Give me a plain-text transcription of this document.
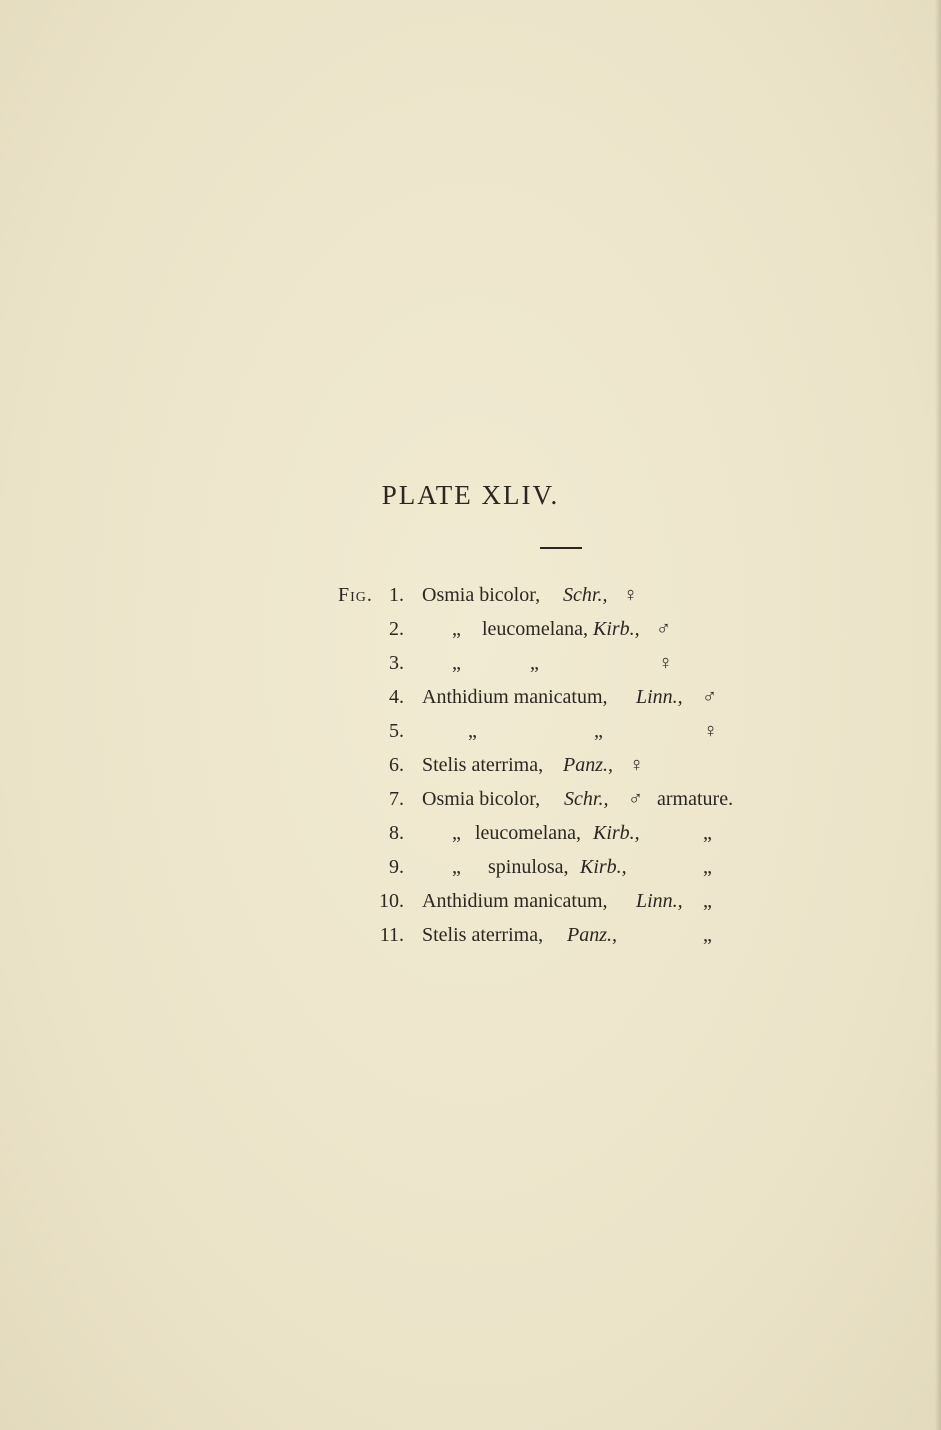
PLATE XLIV.
Fig. 1. Osmia bicolor, Schr., ♀
2. „ leucomelana, Kirb., ♂
3. „	„	♀
4. Anthidium manicatum, Linn., ♂
5.	„	„	♀
6. Stelis aterrima, Panz., ♀
7. Osmia bicolor, Schr., ♂ armature.
8. „ leucomelana, Kirb.,	„
9. „ spinulosa, Kirb.,	„
10. Anthidium manicatum, Linn., „
11. Stelis aterrima, Panz.,	„
